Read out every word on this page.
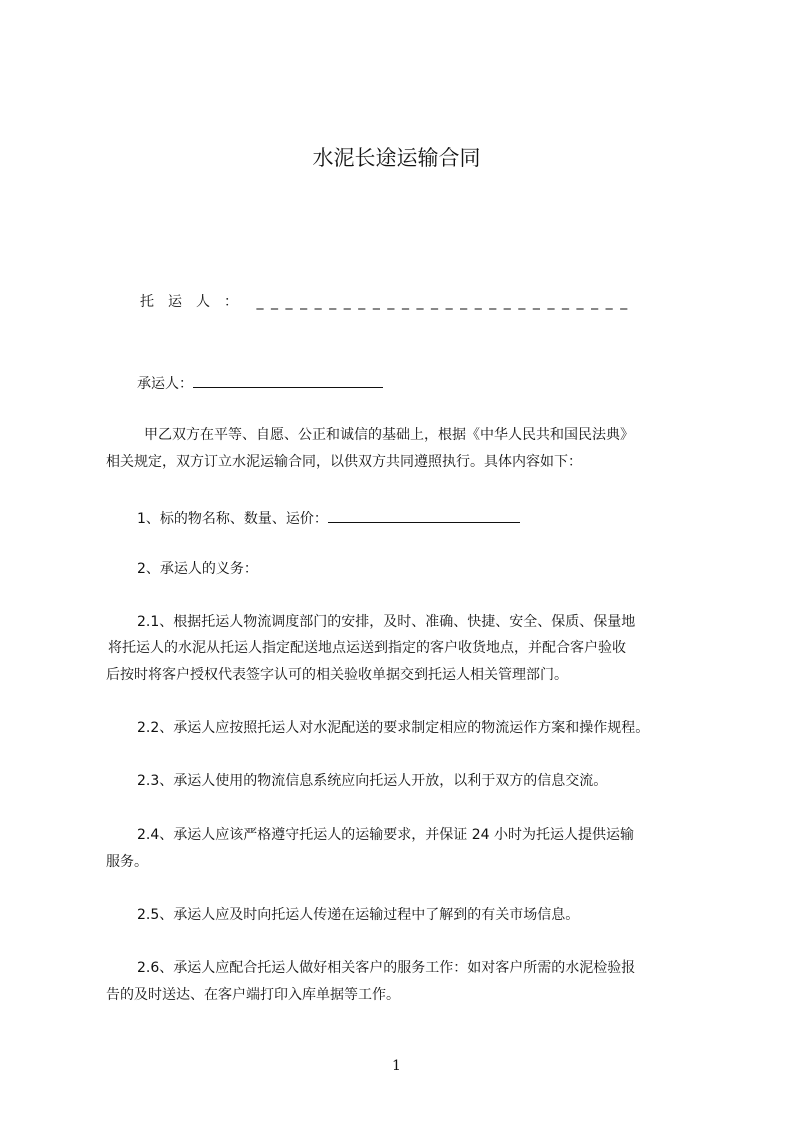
水泥长途运输合同
托运人： _ _ _ _ _ _ _ _ _ _ _ _ _ _ _ _ _ _ _ _ _ _ _ _ _ _
承运人：
甲乙双方在平等、自愿、公正和诚信的基础上，根据《中华人民共和国民法典》
相关规定，双方订立水泥运输合同，以供双方共同遵照执行。具体内容如下：
1、标的物名称、数量、运价：
2、承运人的义务：
2.1、根据托运人物流调度部门的安排，及时、准确、快捷、安全、保质、保量地
将托运人的水泥从托运人指定配送地点运送到指定的客户收货地点，并配合客户验收
后按时将客户授权代表签字认可的相关验收单据交到托运人相关管理部门。
2.2、承运人应按照托运人对水泥配送的要求制定相应的物流运作方案和操作规程。
2.3、承运人使用的物流信息系统应向托运人开放，以利于双方的信息交流。
2.4、承运人应该严格遵守托运人的运输要求，并保证 24 小时为托运人提供运输
服务。
2.5、承运人应及时向托运人传递在运输过程中了解到的有关市场信息。
2.6、承运人应配合托运人做好相关客户的服务工作：如对客户所需的水泥检验报
告的及时送达、在客户端打印入库单据等工作。
1
